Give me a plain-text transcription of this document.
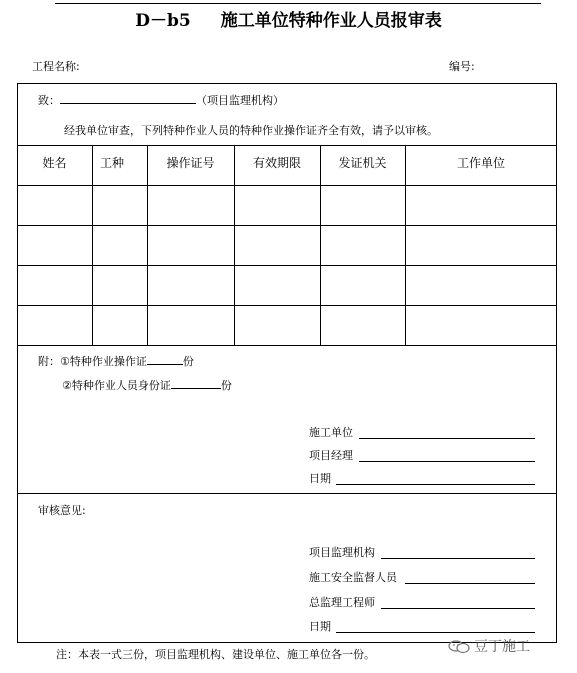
D－b5 施工单位特种作业人员报审表
工程名称:	编号:
致：	（项目监理机构）
经我单位审查，下列特种作业人员的特种作业操作证齐全有效，请予以审核。
姓名	工种	操作证号	有效期限	发证机关	工作单位
附：①特种作业操作证	份
②特种作业人员身份证	份
施工单位
项目经理
日期
审核意见:
项目监理机构
施工安全监督人员
总监理工程师
日期
注：本表一式三份，项目监理机构、建设单位、施工单位各一份。	豆丁施工
